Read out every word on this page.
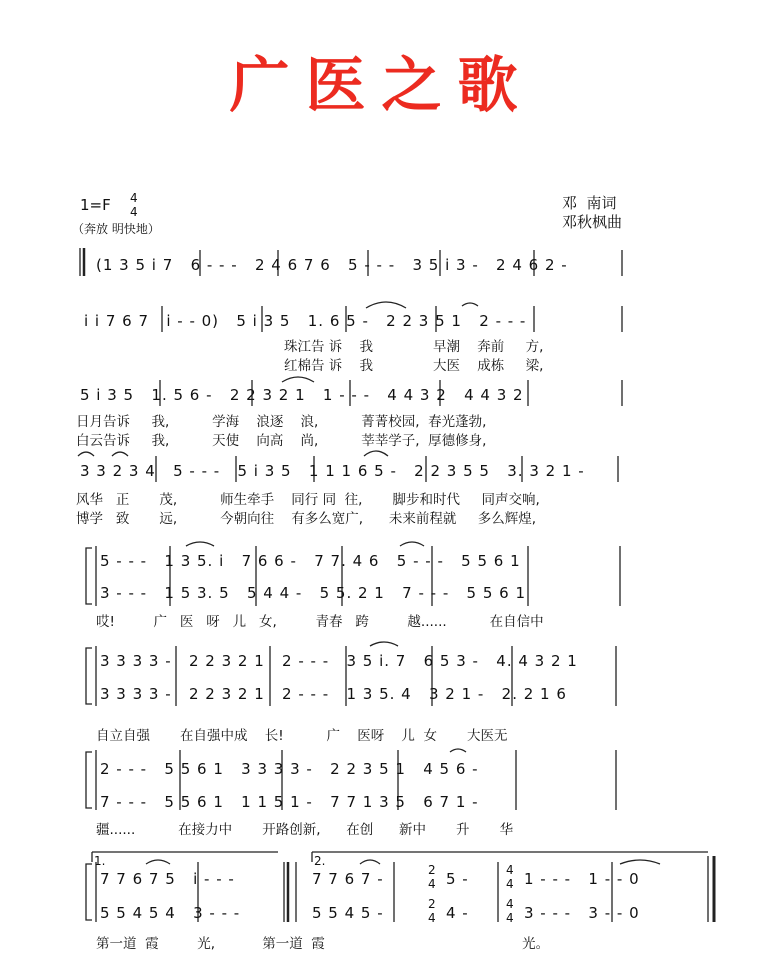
广医之歌
1=F 4
4
（奔放 明快地）
邓  南词
邓秋枫曲
(1 3 5 i 7   6 - - -   2 4 6 7 6   5 - - -   3 5 i 3 -   2 4 6 2 -
i i 7 6 7   i - - 0)   5 i 3 5   1. 6 5 -   2 2 3 5 1   2 - - -
珠江告 诉    我              早潮    奔前     方,
红棉告 诉    我              大医    成栋     梁,
5 i 3 5   1. 5 6 -   2 2 3 2 1   1 - - -   4 4 3 2   4 4 3 2
日月告诉     我,          学海    浪逐    浪,          菁菁校园,  春光蓬勃,
白云告诉     我,          天使    向高    尚,          莘莘学子,  厚德修身,
3 3 2 3 4   5 - - -   5 i 3 5   1 1 1 6 5 -   2 2 3 5 5   3. 3 2 1 -
风华   正       茂,          师生牵手    同行 同  往,       脚步和时代     同声交响,
博学   致       远,          今朝向往    有多么宽广,      未来前程就     多么辉煌,
5 - - -   1 3 5. i   7 6 6 -   7 7. 4 6   5 - - -   5 5 6 1
3 - - -   1 5 3. 5   5 4 4 -   5 5. 2 1   7 - - -   5 5 6 1
哎!         广   医   呀   儿   女,         青春   跨         越......          在自信中
3 3 3 3 -   2 2 3 2 1   2 - - -   3 5 i. 7   6 5 3 -   4. 4 3 2 1
3 3 3 3 -   2 2 3 2 1   2 - - -   1 3 5. 4   3 2 1 -   2. 2 1 6
自立自强       在自强中成    长!          广    医呀    儿  女       大医无
2 - - -   5 5 6 1   3 3 3 3 -   2 2 3 5 1   4 5 6 -
7 - - -   5 5 6 1   1 1 5 1 -   7 7 1 3 5   6 7 1 -
疆......          在接力中       开路创新,      在创      新中       升       华
1.	2.
7 7 6 7 5   i - - -	7 7 6 7 -	2
4 5 -	4
4 1 - - -   1 - - 0
5 5 4 5 4   3 - - -	5 5 4 5 -	2
4 4 -	4
4 3 - - -   3 - - 0
第一道  霞         光,           第一道  霞                                              光。
